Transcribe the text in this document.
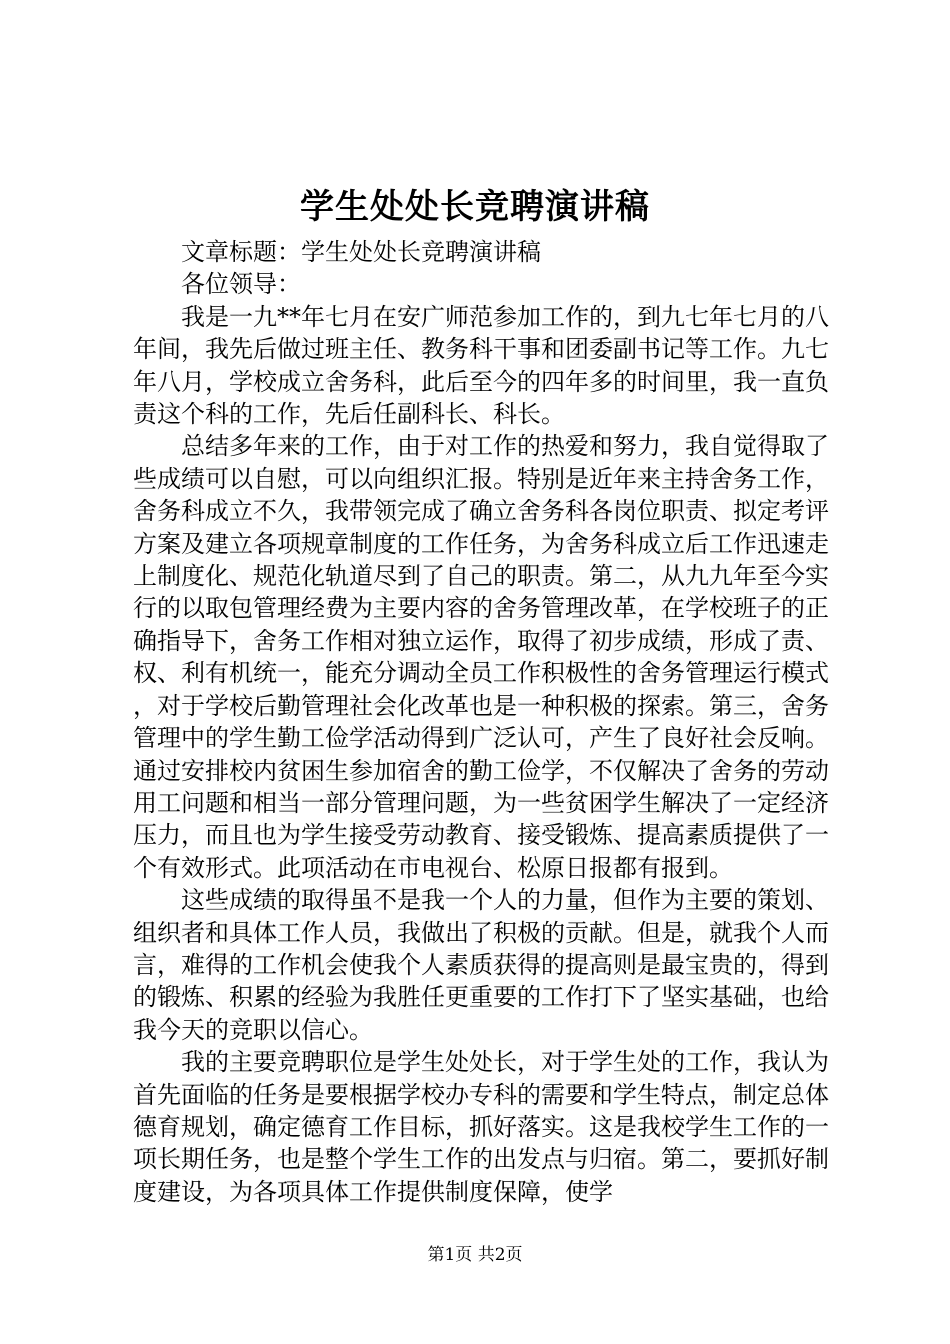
学生处处长竞聘演讲稿

文章标题：学生处处长竞聘演讲稿

各位领导：

我是一九**年七月在安广师范参加工作的，到九七年七月的八年间，我先后做过班主任、教务科干事和团委副书记等工作。九七年八月，学校成立舍务科，此后至今的四年多的时间里，我一直负责这个科的工作，先后任副科长、科长。

总结多年来的工作，由于对工作的热爱和努力，我自觉得取了些成绩可以自慰，可以向组织汇报。特别是近年来主持舍务工作，舍务科成立不久，我带领完成了确立舍务科各岗位职责、拟定考评方案及建立各项规章制度的工作任务，为舍务科成立后工作迅速走上制度化、规范化轨道尽到了自己的职责。第二，从九九年至今实行的以取包管理经费为主要内容的舍务管理改革，在学校班子的正确指导下，舍务工作相对独立运作，取得了初步成绩，形成了责、权、利有机统一，能充分调动全员工作积极性的舍务管理运行模式，对于学校后勤管理社会化改革也是一种积极的探索。第三，舍务管理中的学生勤工俭学活动得到广泛认可，产生了良好社会反响。通过安排校内贫困生参加宿舍的勤工俭学，不仅解决了舍务的劳动用工问题和相当一部分管理问题，为一些贫困学生解决了一定经济压力，而且也为学生接受劳动教育、接受锻炼、提高素质提供了一个有效形式。此项活动在市电视台、松原日报都有报到。

这些成绩的取得虽不是我一个人的力量，但作为主要的策划、组织者和具体工作人员，我做出了积极的贡献。但是，就我个人而言，难得的工作机会使我个人素质获得的提高则是最宝贵的，得到的锻炼、积累的经验为我胜任更重要的工作打下了坚实基础，也给我今天的竞职以信心。

我的主要竞聘职位是学生处处长，对于学生处的工作，我认为首先面临的任务是要根据学校办专科的需要和学生特点，制定总体德育规划，确定德育工作目标，抓好落实。这是我校学生工作的一项长期任务，也是整个学生工作的出发点与归宿。第二，要抓好制度建设，为各项具体工作提供制度保障，使学

第1页 共2页
